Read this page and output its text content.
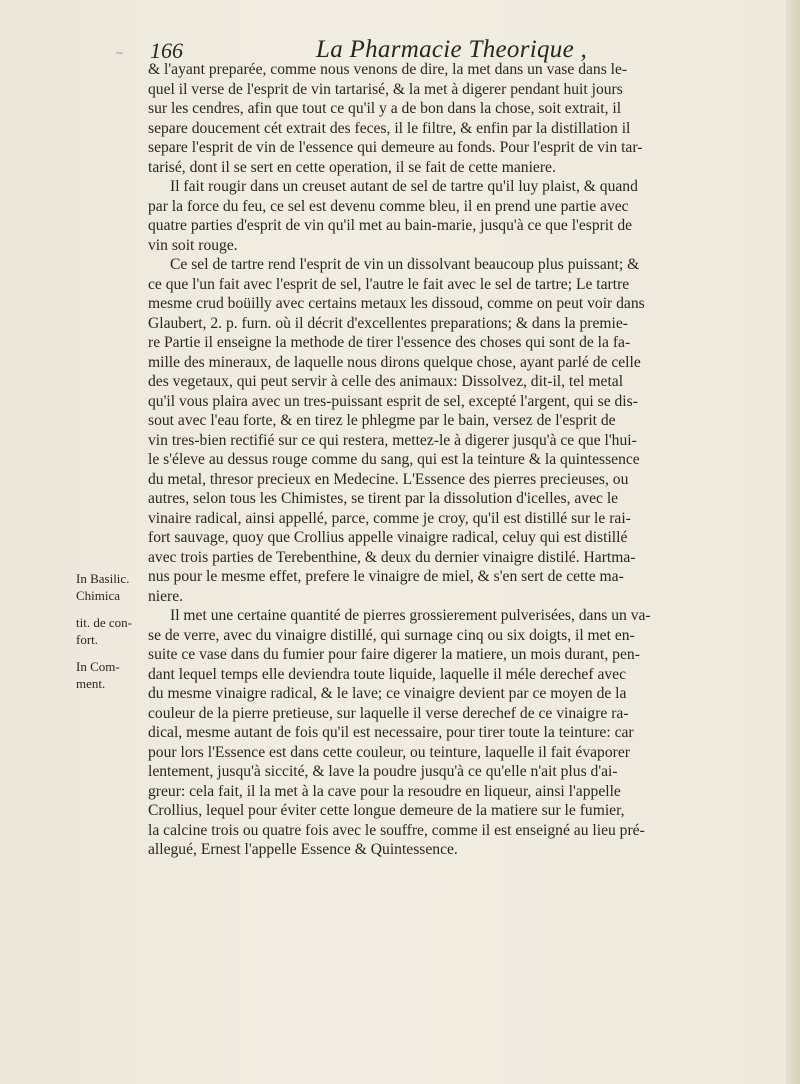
~ 166	La Pharmacie Theorique ,
& l'ayant preparée, comme nous venons de dire, la met dans un vase dans le-
quel il verse de l'esprit de vin tartarisé, & la met à digerer pendant huit jours
sur les cendres, afin que tout ce qu'il y a de bon dans la chose, soit extrait, il
separe doucement cét extrait des feces, il le filtre, & enfin par la distillation il
separe l'esprit de vin de l'essence qui demeure au fonds. Pour l'esprit de vin tar-
tarisé, dont il se sert en cette operation, il se fait de cette maniere.
Il fait rougir dans un creuset autant de sel de tartre qu'il luy plaist, & quand
par la force du feu, ce sel est devenu comme bleu, il en prend une partie avec
quatre parties d'esprit de vin qu'il met au bain-marie, jusqu'à ce que l'esprit de
vin soit rouge.
Ce sel de tartre rend l'esprit de vin un dissolvant beaucoup plus puissant; &
ce que l'un fait avec l'esprit de sel, l'autre le fait avec le sel de tartre; Le tartre
mesme crud boüilly avec certains metaux les dissoud, comme on peut voir dans
Glaubert, 2. p. furn. où il décrit d'excellentes preparations; & dans la premie-
re Partie il enseigne la methode de tirer l'essence des choses qui sont de la fa-
mille des mineraux, de laquelle nous dirons quelque chose, ayant parlé de celle
des vegetaux, qui peut servir à celle des animaux: Dissolvez, dit-il, tel metal
qu'il vous plaira avec un tres-puissant esprit de sel, excepté l'argent, qui se dis-
sout avec l'eau forte, & en tirez le phlegme par le bain, versez de l'esprit de
vin tres-bien rectifié sur ce qui restera, mettez-le à digerer jusqu'à ce que l'hui-
le s'éleve au dessus rouge comme du sang, qui est la teinture & la quintessence
du metal, thresor precieux en Medecine. L'Essence des pierres precieuses, ou
autres, selon tous les Chimistes, se tirent par la dissolution d'icelles, avec le
vinaire radical, ainsi appellé, parce, comme je croy, qu'il est distillé sur le rai-
fort sauvage, quoy que Crollius appelle vinaigre radical, celuy qui est distillé
avec trois parties de Terebenthine, & deux du dernier vinaigre distilé. Hartma-
nus pour le mesme effet, prefere le vinaigre de miel, & s'en sert de cette ma-
niere.
Il met une certaine quantité de pierres grossierement pulverisées, dans un va-
se de verre, avec du vinaigre distillé, qui surnage cinq ou six doigts, il met en-
suite ce vase dans du fumier pour faire digerer la matiere, un mois durant, pen-
dant lequel temps elle deviendra toute liquide, laquelle il méle derechef avec
du mesme vinaigre radical, & le lave; ce vinaigre devient par ce moyen de la
couleur de la pierre pretieuse, sur laquelle il verse derechef de ce vinaigre ra-
dical, mesme autant de fois qu'il est necessaire, pour tirer toute la teinture: car
pour lors l'Essence est dans cette couleur, ou teinture, laquelle il fait évaporer
lentement, jusqu'à siccité, & lave la poudre jusqu'à ce qu'elle n'ait plus d'ai-
greur: cela fait, il la met à la cave pour la resoudre en liqueur, ainsi l'appelle
Crollius, lequel pour éviter cette longue demeure de la matiere sur le fumier,
la calcine trois ou quatre fois avec le souffre, comme il est enseigné au lieu pré-
allegué, Ernest l'appelle Essence & Quintessence.
In Basilic.
Chimica
tit. de con-
fort.
In Com-
ment.
